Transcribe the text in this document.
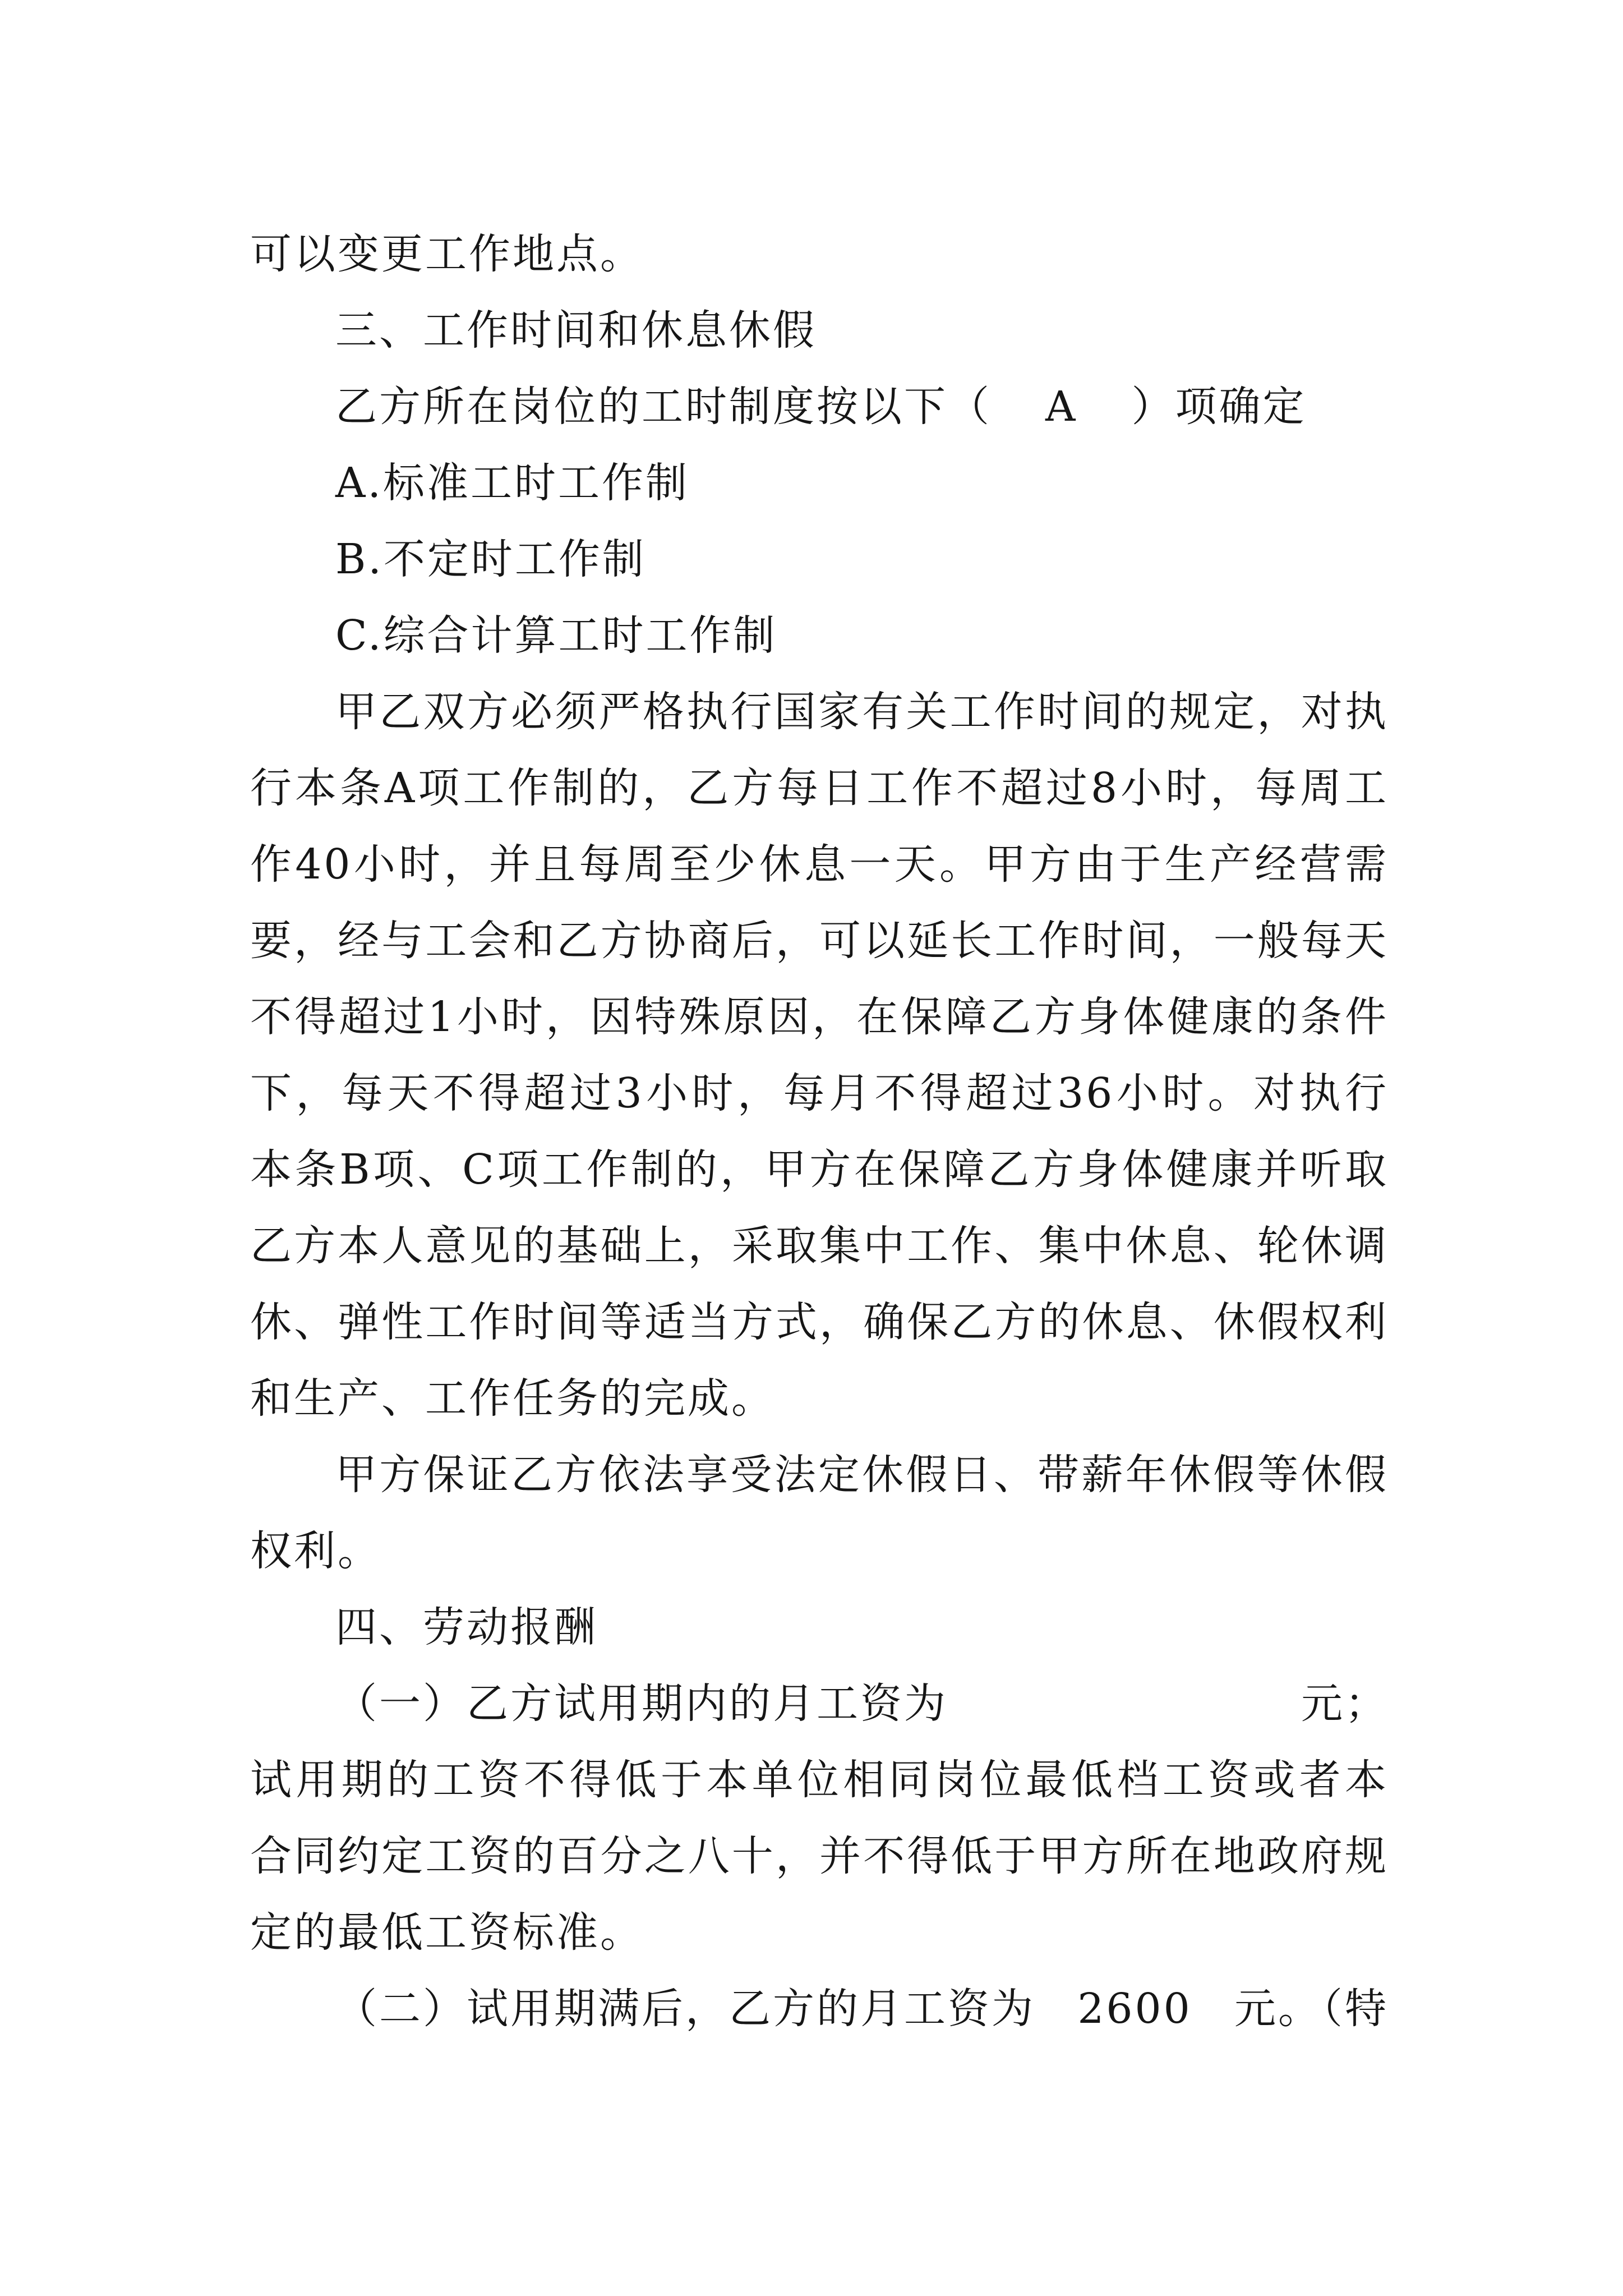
可以变更工作地点。
三、工作时间和休息休假
乙方所在岗位的工时制度按以下（ A ）项确定
A.标准工时工作制
B.不定时工作制
C.综合计算工时工作制
甲乙双方必须严格执行国家有关工作时间的规定，对执
行本条A项工作制的，乙方每日工作不超过8小时，每周工
作40小时，并且每周至少休息一天。甲方由于生产经营需
要，经与工会和乙方协商后，可以延长工作时间，一般每天
不得超过1小时，因特殊原因，在保障乙方身体健康的条件
下，每天不得超过3小时，每月不得超过36小时。对执行
本条B项、C项工作制的，甲方在保障乙方身体健康并听取
乙方本人意见的基础上，采取集中工作、集中休息、轮休调
休、弹性工作时间等适当方式，确保乙方的休息、休假权利
和生产、工作任务的完成。
甲方保证乙方依法享受法定休假日、带薪年休假等休假
权利。
四、劳动报酬
（一）乙方试用期内的月工资为	元；
试用期的工资不得低于本单位相同岗位最低档工资或者本
合同约定工资的百分之八十，并不得低于甲方所在地政府规
定的最低工资标准。
（二）试用期满后，乙方的月工资为 2600 元。（特
